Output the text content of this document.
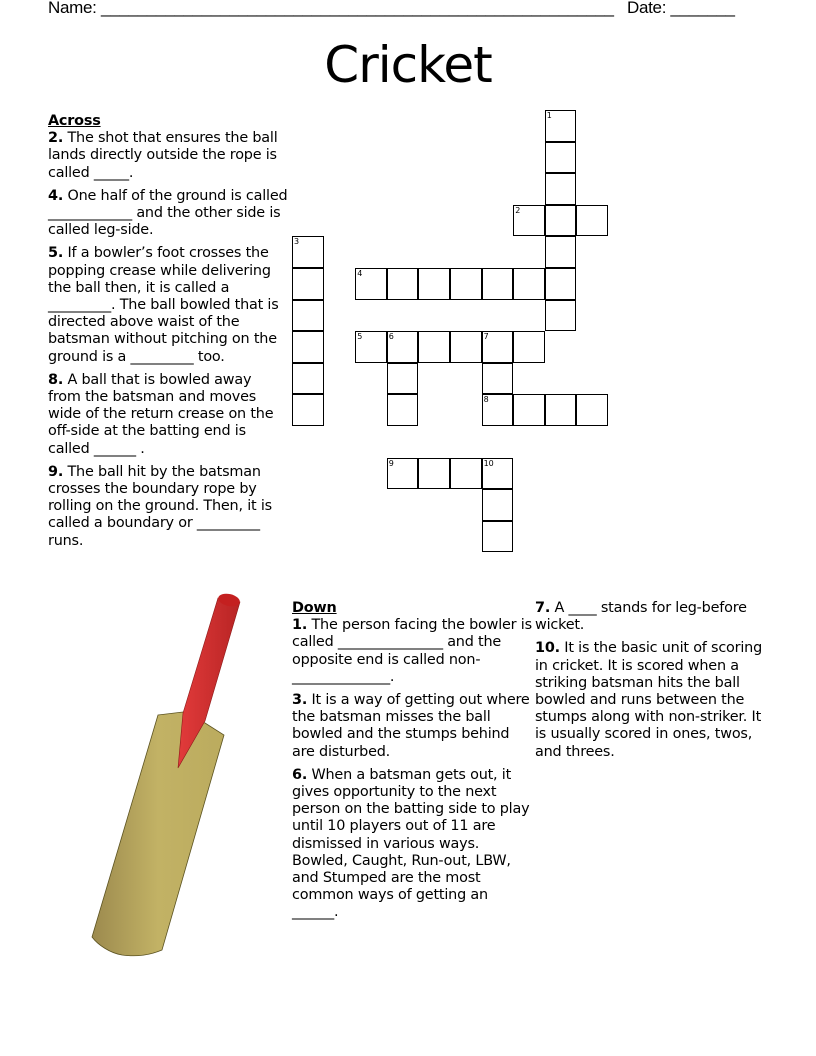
Name: ________________________________________________________ Date: _______
Cricket
Across
2. The shot that ensures the ball lands directly outside the rope is called _____.
4. One half of the ground is called ____________ and the other side is called leg-side.
5. If a bowler’s foot crosses the popping crease while delivering the ball then, it is called a _________. The ball bowled that is directed above waist of the batsman without pitching on the ground is a _________ too.
8. A ball that is bowled away from the batsman and moves wide of the return crease on the off-side at the batting end is called ______ .
9. The ball hit by the batsman crosses the boundary rope by rolling on the ground. Then, it is called a boundary or _________ runs.
Down
1. The person facing the bowler is called _______________ and the opposite end is called non-______________.
3. It is a way of getting out where the batsman misses the ball bowled and the stumps behind are disturbed.
6. When a batsman gets out, it gives opportunity to the next person on the batting side to play until 10 players out of 11 are dismissed in various ways. Bowled, Caught, Run-out, LBW, and Stumped are the most common ways of getting an ______.
7. A ____ stands for leg-before wicket.
10. It is the basic unit of scoring in cricket. It is scored when a striking batsman hits the ball bowled and runs between the stumps along with non-striker. It is usually scored in ones, twos, and threes.
1
2
3
4
5	6	7
8
9	10
